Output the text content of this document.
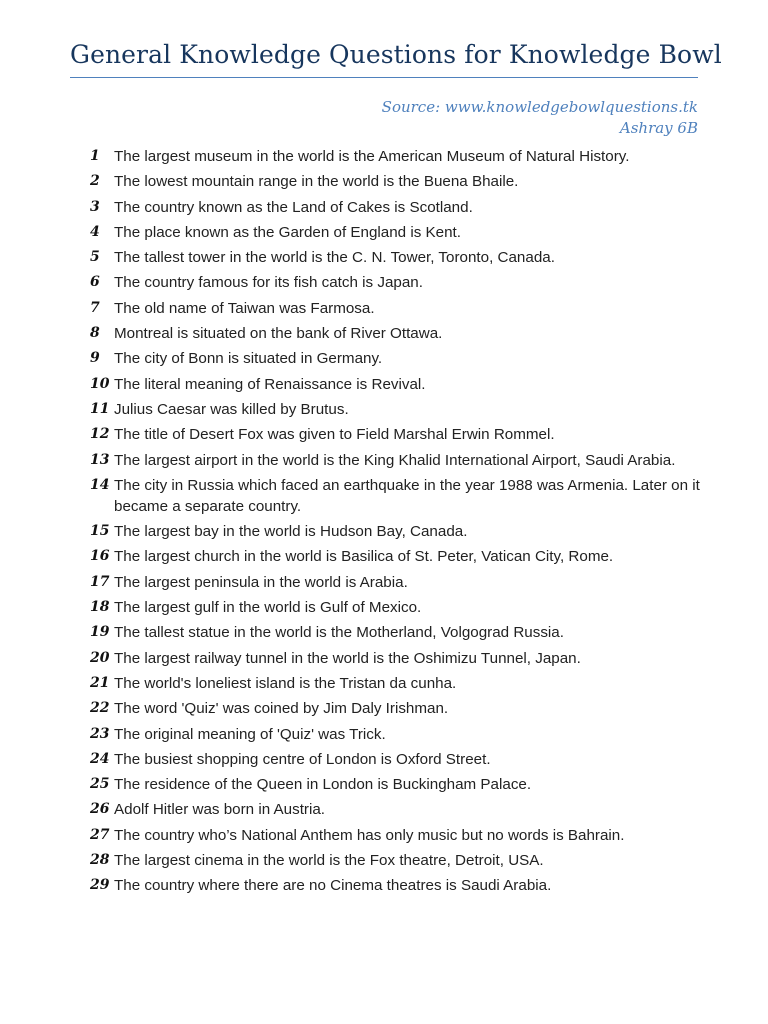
General Knowledge Questions for Knowledge Bowl
Source: www.knowledgebowlquestions.tk
Ashray 6B
1 The largest museum in the world is the American Museum of Natural History.
2 The lowest mountain range in the world is the Buena Bhaile.
3 The country known as the Land of Cakes is Scotland.
4 The place known as the Garden of England is Kent.
5 The tallest tower in the world is the C. N. Tower, Toronto, Canada.
6 The country famous for its fish catch is Japan.
7 The old name of Taiwan was Farmosa.
8 Montreal is situated on the bank of River Ottawa.
9 The city of Bonn is situated in Germany.
10 The literal meaning of Renaissance is Revival.
11 Julius Caesar was killed by Brutus.
12 The title of Desert Fox was given to Field Marshal Erwin Rommel.
13 The largest airport in the world is the King Khalid International Airport, Saudi Arabia.
14 The city in Russia which faced an earthquake in the year 1988 was Armenia. Later on it became a separate country.
15 The largest bay in the world is Hudson Bay, Canada.
16 The largest church in the world is Basilica of St. Peter, Vatican City, Rome.
17 The largest peninsula in the world is Arabia.
18 The largest gulf in the world is Gulf of Mexico.
19 The tallest statue in the world is the Motherland, Volgograd Russia.
20 The largest railway tunnel in the world is the Oshimizu Tunnel, Japan.
21 The world's loneliest island is the Tristan da cunha.
22 The word 'Quiz' was coined by Jim Daly Irishman.
23 The original meaning of 'Quiz' was Trick.
24 The busiest shopping centre of London is Oxford Street.
25 The residence of the Queen in London is Buckingham Palace.
26 Adolf Hitler was born in Austria.
27 The country who’s National Anthem has only music but no words is Bahrain.
28 The largest cinema in the world is the Fox theatre, Detroit, USA.
29 The country where there are no Cinema theatres is Saudi Arabia.
